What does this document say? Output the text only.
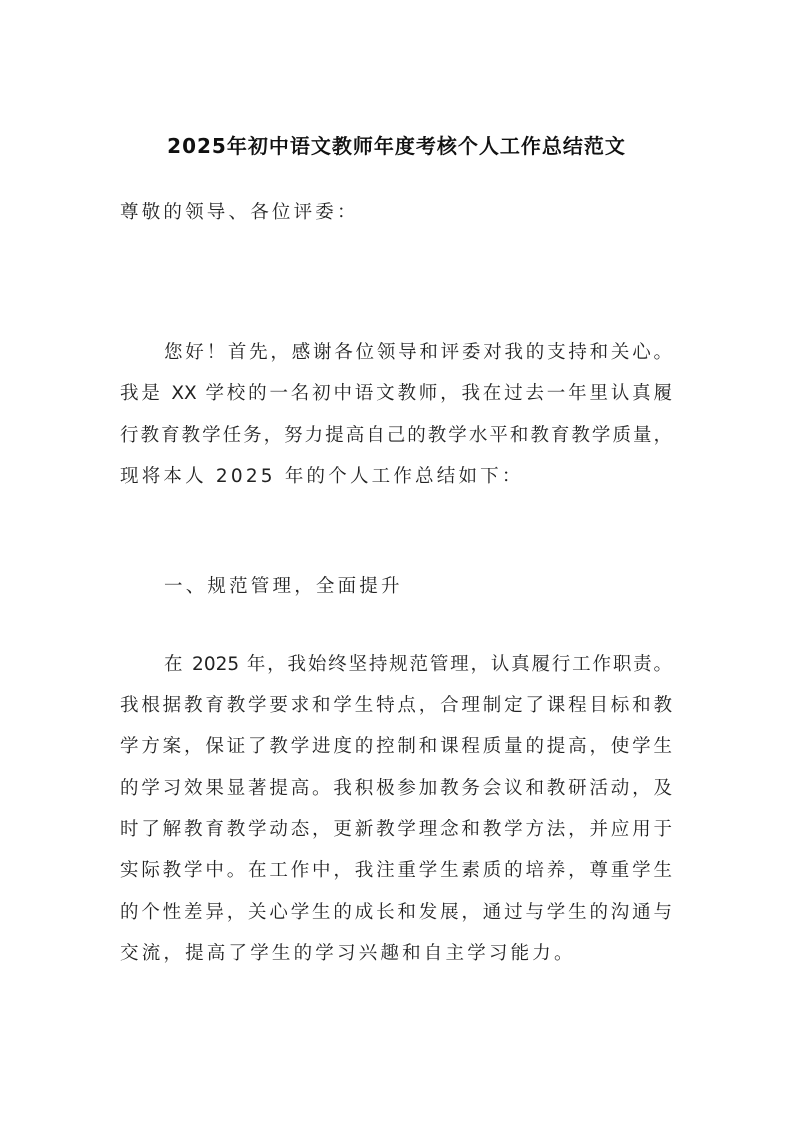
2025年初中语文教师年度考核个人工作总结范文
尊敬的领导、各位评委：
您好！首先，感谢各位领导和评委对我的支持和关心。
我是 XX 学校的一名初中语文教师，我在过去一年里认真履
行教育教学任务，努力提高自己的教学水平和教育教学质量，
现将本人 2025 年的个人工作总结如下：
一、规范管理，全面提升
在 2025 年，我始终坚持规范管理，认真履行工作职责。
我根据教育教学要求和学生特点，合理制定了课程目标和教
学方案，保证了教学进度的控制和课程质量的提高，使学生
的学习效果显著提高。我积极参加教务会议和教研活动，及
时了解教育教学动态，更新教学理念和教学方法，并应用于
实际教学中。在工作中，我注重学生素质的培养，尊重学生
的个性差异，关心学生的成长和发展，通过与学生的沟通与
交流，提高了学生的学习兴趣和自主学习能力。
